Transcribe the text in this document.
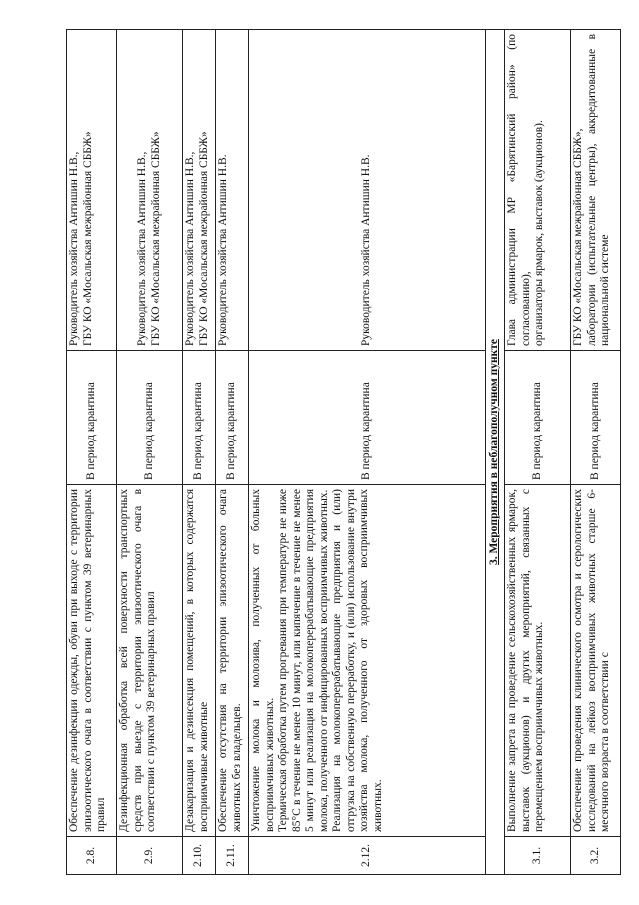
2.8.	Обеспечение дезинфекции одежды, обуви при выходе с территории эпизоотического очага в соответствии с пунктом 39 ветеринарных правил	В период карантина	Руководитель хозяйства Антишин Н.В., ГБУ КО «Мосальская межрайонная СББЖ»

2.9.	Дезинфекционная обработка всей поверхности транспортных средств при выезде с территории эпизоотического очага в соответствии с пунктом 39 ветеринарных правил	В период карантина	Руководитель хозяйства Антишин Н.В., ГБУ КО «Мосальская межрайонная СББЖ»

2.10.	Дезакаризация и дезинсекция помещений, в которых содержатся восприимчивые животные	В период карантина	Руководитель хозяйства Антишин Н.В., ГБУ КО «Мосальская межрайонная СББЖ»

2.11.	Обеспечение отсутствия на территории эпизоотического очага животных без владельцев.	В период карантина	Руководитель хозяйства Антишин Н.В.

2.12.	Уничтожение молока и молозива, полученных от больных восприимчивых животных. Термическая обработка путем прогревания при температуре не ниже 85°С в течение не менее 10 минут, или кипячение в течение не менее 5 минут или реализация на молокоперерабатывающие предприятия молока, полученного от инфицированных восприимчивых животных. Реализация на молокоперерабатывающие предприятия и (или) отгрузка на собственную переработку, и (или) использование внутри хозяйства молока, полученного от здоровых восприимчивых животных.	В период карантина	Руководитель хозяйства Антишин Н.В.

3. Мероприятия в неблагополучном пункте			
3.1.	Выполнение запрета на проведение сельскохозяйственных ярмарок, выставок (аукционов) и других мероприятий, связанных с перемещением восприимчивых животных.	В период карантина	Глава администрации МР «Барятинский район» (по согласованию), организаторы ярмарок, выставок (аукционов).

3.2.	Обеспечение проведения клинического осмотра и серологических исследований на лейкоз восприимчивых животных старше 6-месячного возраста в соответствии с	В период карантина	ГБУ КО «Мосальская межрайонная СББЖ», лаборатории (испытательные центры), аккредитованные в национальной системе
